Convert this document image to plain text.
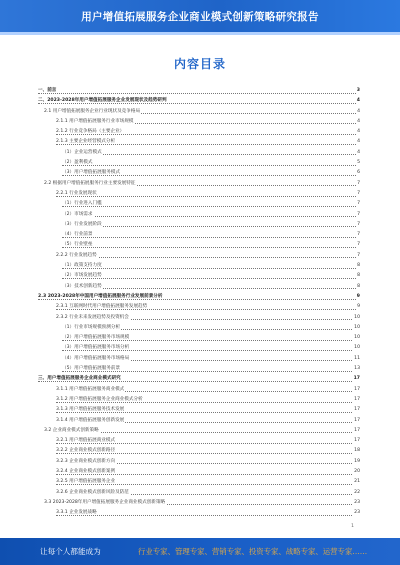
用户增值拓展服务企业商业模式创新策略研究报告
内容目录
一、前言	3
二、2023-2028年用户增值拓展服务企业发展现状及趋势研判	4
2.1 用户增值拓展服务企业行业现状及竞争格局	4
2.1.1 用户增值拓展服务行业市场规模	4
2.1.2 行业竞争格局（主要企业）	4
2.1.3 主要企业经营模式分析	4
（1）企业运营模式	4
（2）盈利模式	5
（3）用户增值拓展服务模式	6
2.2 根据用户增值拓展服务行业主要发展特征	7
2.2.1 行业发展现状	7
（1）行业进入门槛	7
（2）市场需求	7
（3）行业发展阶段	7
（4）行业前景	7
（5）行业壁垒	7
2.2.2 行业发展趋势	7
（1）政策支持力度	8
（2）市场发展趋势	8
（3）技术创新趋势	8
2.3 2023-2028年中国用户增值拓展服务行业发展前景分析	9
2.3.1 互联网时代用户增值拓展服务发展趋势	9
2.3.2 行业未来发展趋势及投资机会	10
（1）行业市场规模预测分析	10
（2）用户增值拓展服务市场规模	10
（3）用户增值拓展服务市场分析	10
（4）用户增值拓展服务市场格局	11
（5）用户增值拓展服务前景	13
三、用户增值拓展服务企业商业模式研究	17
3.1.1 用户增值拓展服务商业模式	17
3.1.2 用户增值拓展服务企业商业模式分析	17
3.1.3 用户增值拓展服务技术发展	17
3.1.4 用户增值拓展服务创新发展	17
3.2 企业商业模式创新策略	17
3.2.1 用户增值拓展商业模式	17
3.2.2 企业商业模式创新路径	18
3.2.3 企业商业模式创新方向	19
3.2.4 企业商业模式创新案例	20
3.2.5 用户增值拓展服务企业	21
3.2.6 企业商业模式创新风险及防范	22
3.3 2023-2028年用户增值拓展服务企业商业模式创新策略	23
3.3.1 企业发展战略	23
1
让每个人都能成为	行业专家、管理专家、营销专家、投资专家、战略专家、运营专家……
